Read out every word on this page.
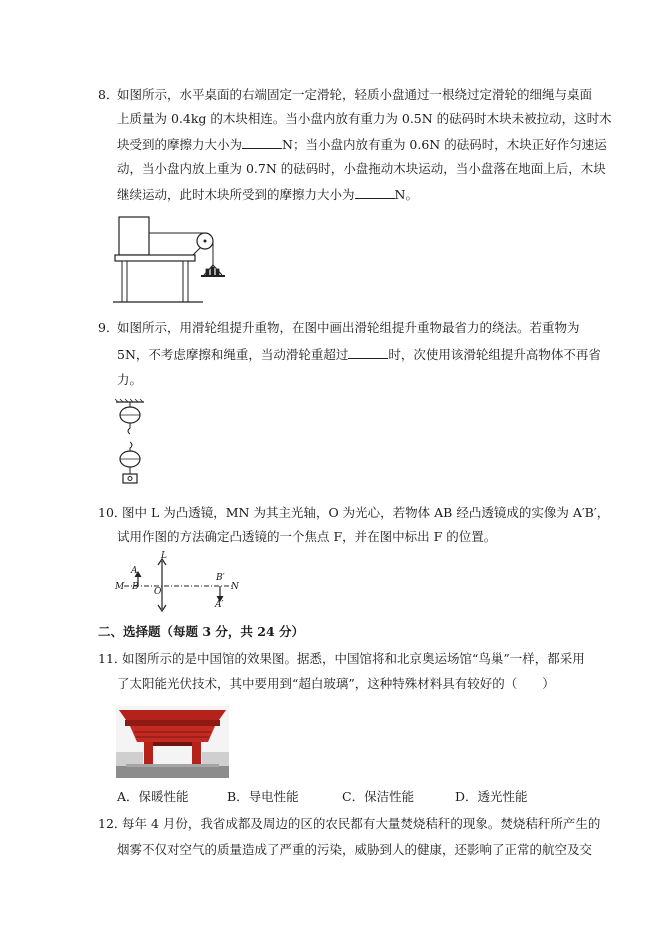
8．
如图所示，水平桌面的右端固定一定滑轮，轻质小盘通过一根绕过定滑轮的细绳与桌面
上质量为 0.4kg 的木块相连。当小盘内放有重力为 0.5N 的砝码时木块未被拉动，这时木
块受到的摩擦力大小为	N；当小盘内放有重为 0.6N 的砝码时，木块正好作匀速运
动，当小盘内放上重为 0.7N 的砝码时，小盘拖动木块运动，当小盘落在地面上后，木块
继续运动，此时木块所受到的摩擦力大小为	N。
9．
如图所示，用滑轮组提升重物，在图中画出滑轮组提升重物最省力的绕法。若重物为
5N，不考虑摩擦和绳重，当动滑轮重超过	时，次使用该滑轮组提升高物体不再省
力。
10．
图中 L 为凸透镜，MN 为其主光轴，O 为光心，若物体 AB 经凸透镜成的实像为 A′B′，
试用作图的方法确定凸透镜的一个焦点 F，并在图中标出 F 的位置。
L
A
M B O
B′
N
A′
二、选择题（每题 3 分，共 24 分）
11．
如图所示的是中国馆的效果图。据悉，中国馆将和北京奥运场馆“鸟巢”一样，都采用
了太阳能光伏技术，其中要用到“超白玻璃”，这种特殊材料具有较好的（　　）
A．保暖性能	B．导电性能	C．保洁性能	D．透光性能
12．
每年 4 月份，我省成都及周边的区的农民都有大量焚烧秸秆的现象。焚烧秸秆所产生的
烟雾不仅对空气的质量造成了严重的污染，威胁到人的健康，还影响了正常的航空及交
